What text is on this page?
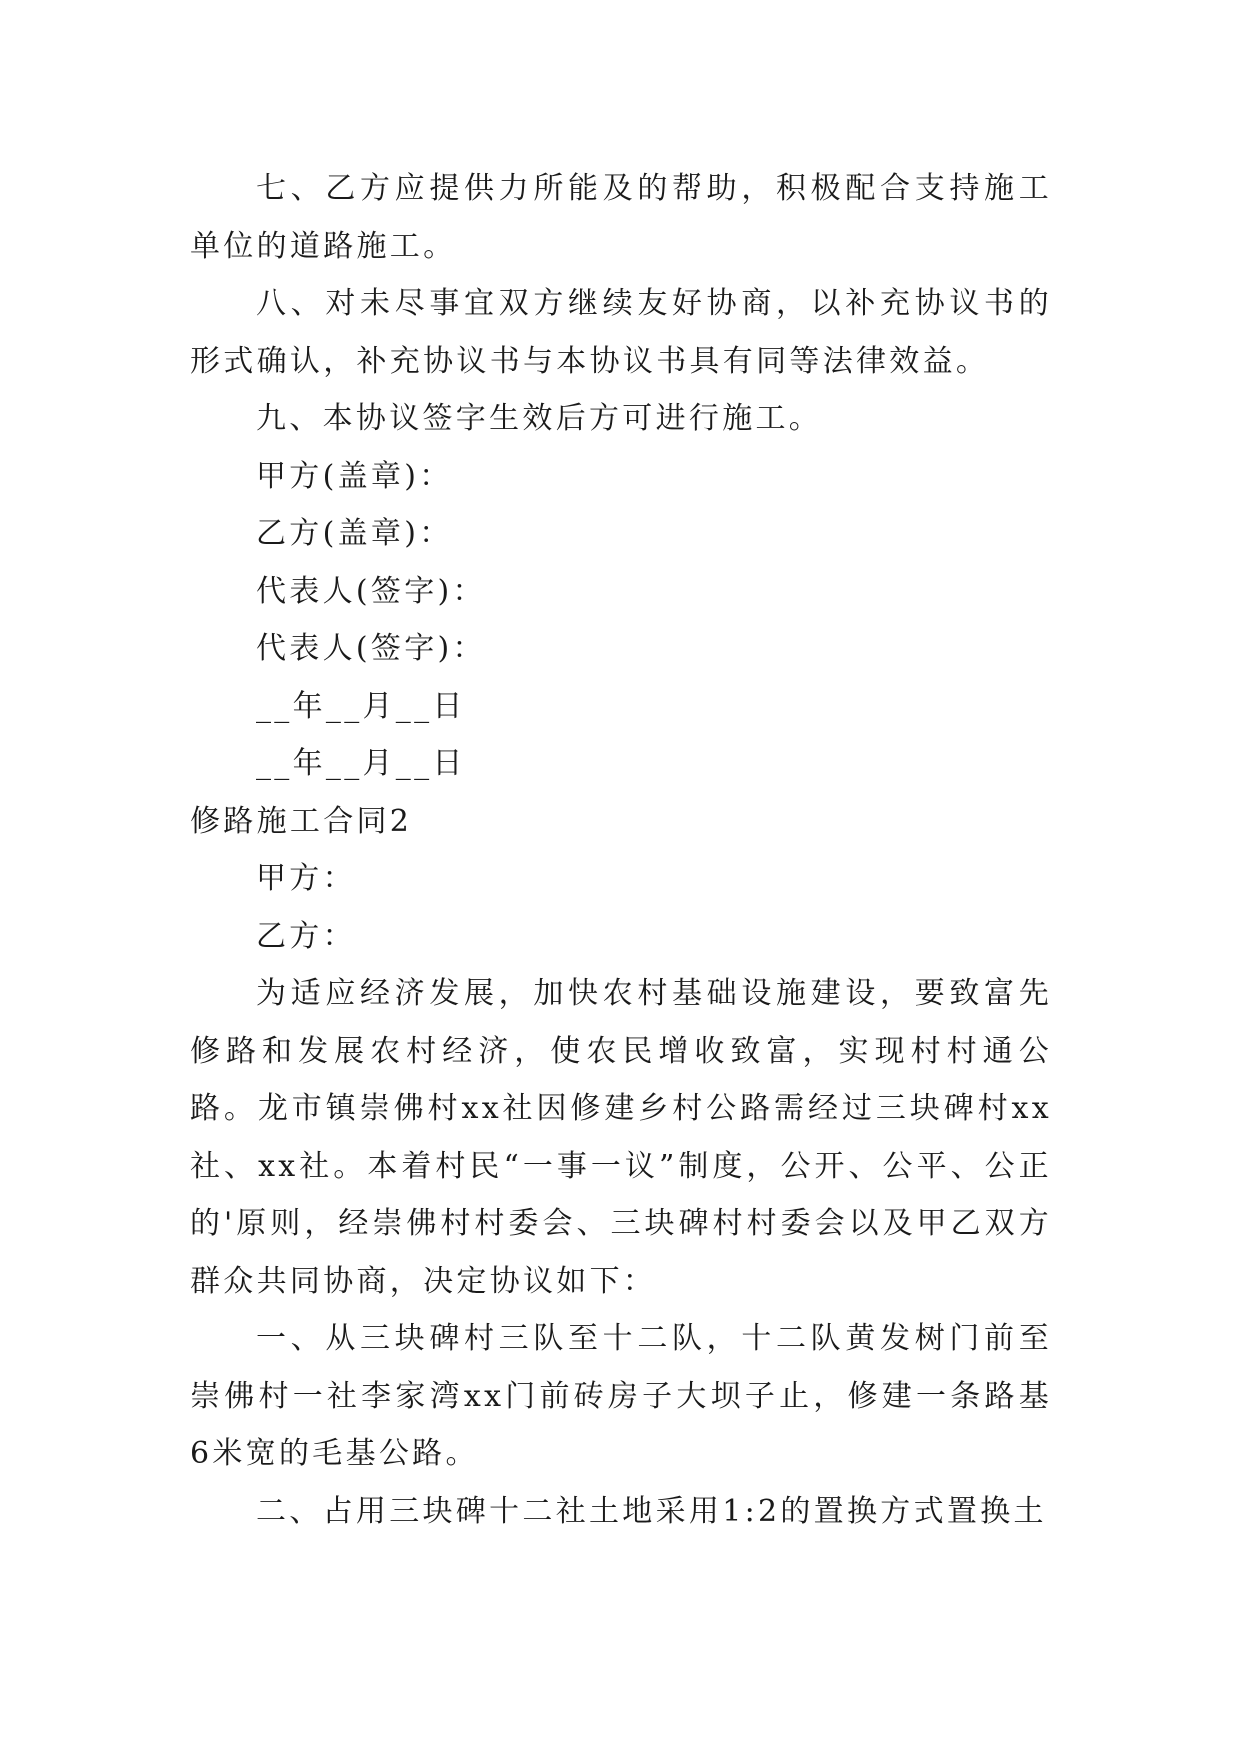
七、乙方应提供力所能及的帮助，积极配合支持施工单位的道路施工。

八、对未尽事宜双方继续友好协商，以补充协议书的形式确认，补充协议书与本协议书具有同等法律效益。

九、本协议签字生效后方可进行施工。

甲方(盖章)：

乙方(盖章)：

代表人(签字)：

代表人(签字)：

__年__月__日

__年__月__日

修路施工合同2

甲方：

乙方：

为适应经济发展，加快农村基础设施建设，要致富先修路和发展农村经济，使农民增收致富，实现村村通公路。龙市镇崇佛村xx社因修建乡村公路需经过三块碑村xx社、xx社。本着村民“一事一议”制度，公开、公平、公正的'原则，经崇佛村村委会、三块碑村村委会以及甲乙双方群众共同协商，决定协议如下：

一、从三块碑村三队至十二队，十二队黄发树门前至崇佛村一社李家湾xx门前砖房子大坝子止，修建一条路基6米宽的毛基公路。

二、占用三块碑十二社土地采用1:2的置换方式置换土
